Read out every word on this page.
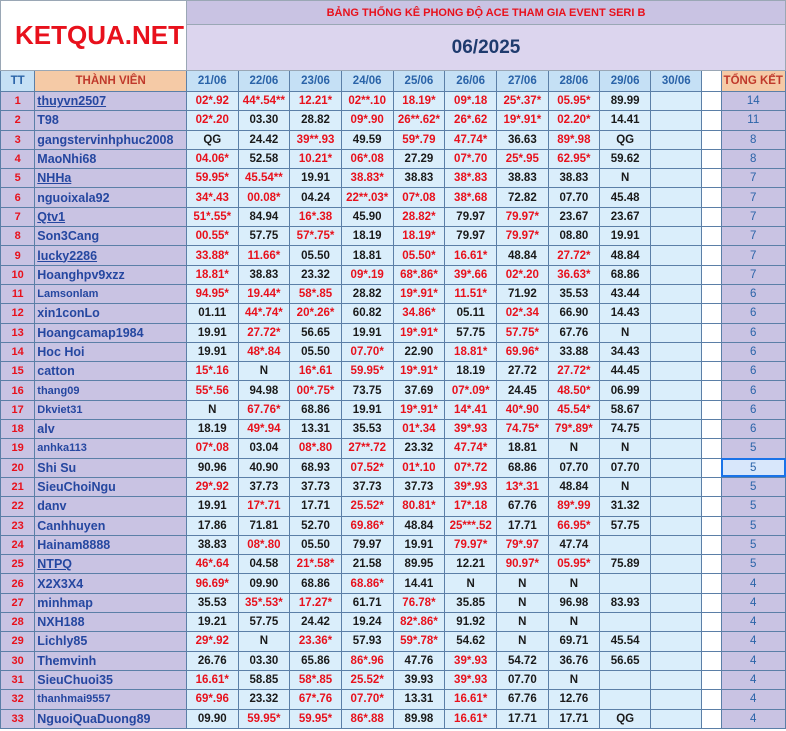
KETQUA.NET		BẢNG THỐNG KÊ PHONG ĐỘ ACE THAM GIA EVENT SERI B											
		06/2025											
TT	THÀNH VIÊN	21/06	22/06	23/06	24/06	25/06	26/06	27/06	28/06	29/06	30/06		TỔNG KẾT
1	thuyvn2507	02*.92	44*.54**	12.21*	02**.10	18.19*	09*.18	25*.37*	05.95*	89.99			14
2	T98	02*.20	03.30	28.82	09*.90	26**.62*	26*.62	19*.91*	02.20*	14.41			11
3	gangstervinhphuc2008	QG	24.42	39**.93	49.59	59*.79	47.74*	36.63	89*.98	QG			8
4	MaoNhi68	04.06*	52.58	10.21*	06*.08	27.29	07*.70	25*.95	62.95*	59.62			8
5	NHHa	59.95*	45.54**	19.91	38.83*	38.83	38*.83	38.83	38.83	N			7
6	nguoixala92	34*.43	00.08*	04.24	22**.03*	07*.08	38*.68	72.82	07.70	45.48			7
7	Qtv1	51*.55*	84.94	16*.38	45.90	28.82*	79.97	79.97*	23.67	23.67			7
8	Son3Cang	00.55*	57.75	57*.75*	18.19	18.19*	79.97	79.97*	08.80	19.91			7
9	lucky2286	33.88*	11.66*	05.50	18.81	05.50*	16.61*	48.84	27.72*	48.84			7
10	Hoanghpv9xzz	18.81*	38.83	23.32	09*.19	68*.86*	39*.66	02*.20	36.63*	68.86			7
11	Lamsonlam	94.95*	19.44*	58*.85	28.82	19*.91*	11.51*	71.92	35.53	43.44			6
12	xin1conLo	01.11	44*.74*	20*.26*	60.82	34.86*	05.11	02*.34	66.90	14.43			6
13	Hoangcamap1984	19.91	27.72*	56.65	19.91	19*.91*	57.75	57.75*	67.76	N			6
14	Hoc Hoi	19.91	48*.84	05.50	07.70*	22.90	18.81*	69.96*	33.88	34.43			6
15	catton	15*.16	N	16*.61	59.95*	19*.91*	18.19	27.72	27.72*	44.45			6
16	thang09	55*.56	94.98	00*.75*	73.75	37.69	07*.09*	24.45	48.50*	06.99			6
17	Dkviet31	N	67.76*	68.86	19.91	19*.91*	14*.41	40*.90	45.54*	58.67			6
18	alv	18.19	49*.94	13.31	35.53	01*.34	39*.93	74.75*	79*.89*	74.75			6
19	anhka113	07*.08	03.04	08*.80	27**.72	23.32	47.74*	18.81	N	N			5
20	Shi Su	90.96	40.90	68.93	07.52*	01*.10	07*.72	68.86	07.70	07.70			5
21	SieuChoiNgu	29*.92	37.73	37.73	37.73	37.73	39*.93	13*.31	48.84	N			5
22	danv	19.91	17*.71	17.71	25.52*	80.81*	17*.18	67.76	89*.99	31.32			5
23	Canhhuyen	17.86	71.81	52.70	69.86*	48.84	25***.52	17.71	66.95*	57.75			5
24	Hainam8888	38.83	08*.80	05.50	79.97	19.91	79.97*	79*.97	47.74				5
25	NTPQ	46*.64	04.58	21*.58*	21.58	89.95	12.21	90.97*	05.95*	75.89			5
26	X2X3X4	96.69*	09.90	68.86	68.86*	14.41	N	N	N				4
27	minhmap	35.53	35*.53*	17.27*	61.71	76.78*	35.85	N	96.98	83.93			4
28	NXH188	19.21	57.75	24.42	19.24	82*.86*	91.92	N	N				4
29	Lichly85	29*.92	N	23.36*	57.93	59*.78*	54.62	N	69.71	45.54			4
30	Themvinh	26.76	03.30	65.86	86*.96	47.76	39*.93	54.72	36.76	56.65			4
31	SieuChuoi35	16.61*	58.85	58*.85	25.52*	39.93	39*.93	07.70	N				4
32	thanhmai9557	69*.96	23.32	67*.76	07.70*	13.31	16.61*	67.76	12.76				4
33	NguoiQuaDuong89	09.90	59.95*	59.95*	86*.88	89.98	16.61*	17.71	17.71	QG			4
